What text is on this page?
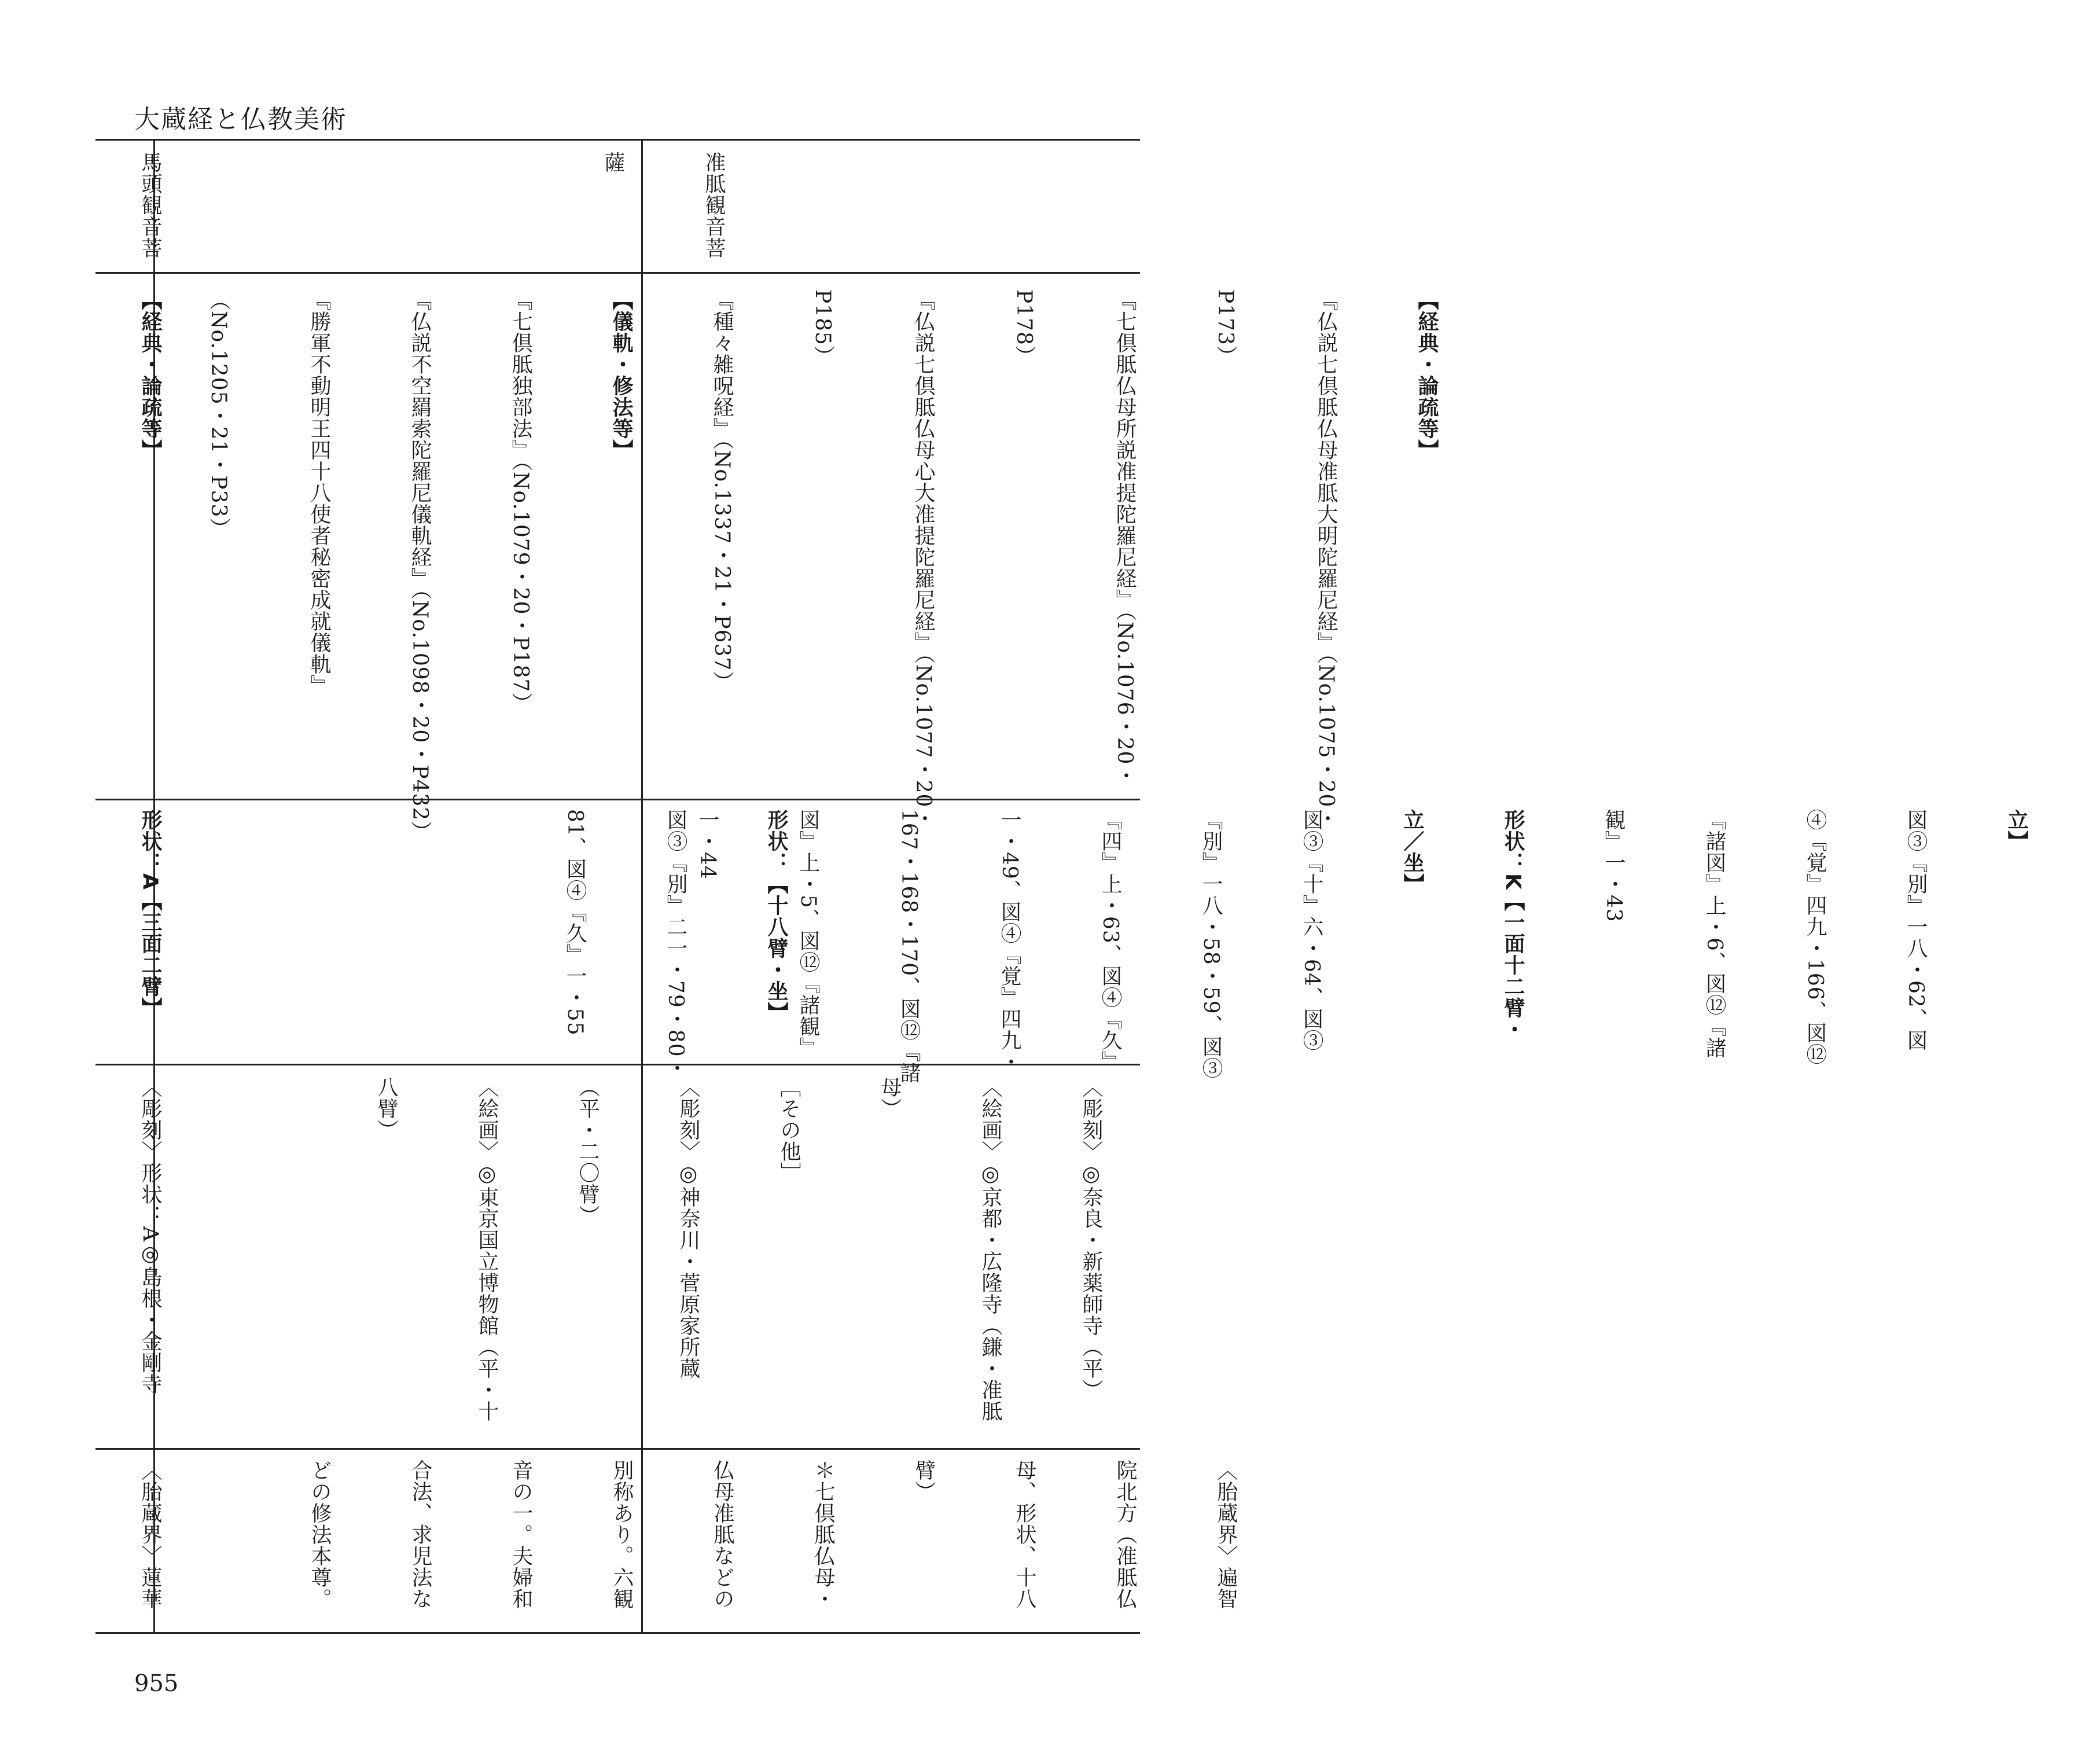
大蔵経と仏教美術

馬頭観音菩

	准胝観音菩

薩

【経典・論疏等】

	【経典・論疏等】

『仏説七倶胝仏母准胝大明陀羅尼経』（No.1075・20・

P173）

『七倶胝仏母所説准提陀羅尼経』（No.1076・20・

P178）

『仏説七倶胝仏母心大准提陀羅尼経』（No.1077・20・

P185）

『種々雑呪経』（No.1337・21・P637）

【儀軌・修法等】

『七倶胝独部法』（No.1079・20・P187）

『仏説不空羂索陀羅尼儀軌経』（No.1098・20・P432）

『勝軍不動明王四十八使者秘密成就儀軌』

（No.1205・21・P33）

立】

図③『別』一八・62、図

④『覚』四九・166、図⑫

『諸図』上・6、図⑫『諸

観』一・43

形状：K【一面十二臂・

立／坐】

図③『十』六・64、図③

『別』一八・58・59、図③

『四』上・63、図④『久』

一・49、図④『覚』四九・

167・168・170、図⑫『諸

図』上・5、図⑫『諸観』

一・44

形状：【十八臂・坐】

図③『別』二一・79・80・

81、図④『久』一・55

形状：A【三面二臂】

〈彫刻〉◎奈良・新薬師寺（平）

〈絵画〉◎京都・広隆寺（鎌・准胝

母）

［その他］

〈彫刻〉◎神奈川・菅原家所蔵

（平・二〇臂）

〈絵画〉◎東京国立博物館（平・十

八臂）

〈彫刻〉形状：A◎島根・金剛寺

〈胎蔵界〉遍智

院北方（准胝仏

母、形状、十八

臂）

＊七倶胝仏母・

仏母准胝などの

別称あり。六観

音の一。夫婦和

合法、求児法な

どの修法本尊。

〈胎蔵界〉蓮華

955
